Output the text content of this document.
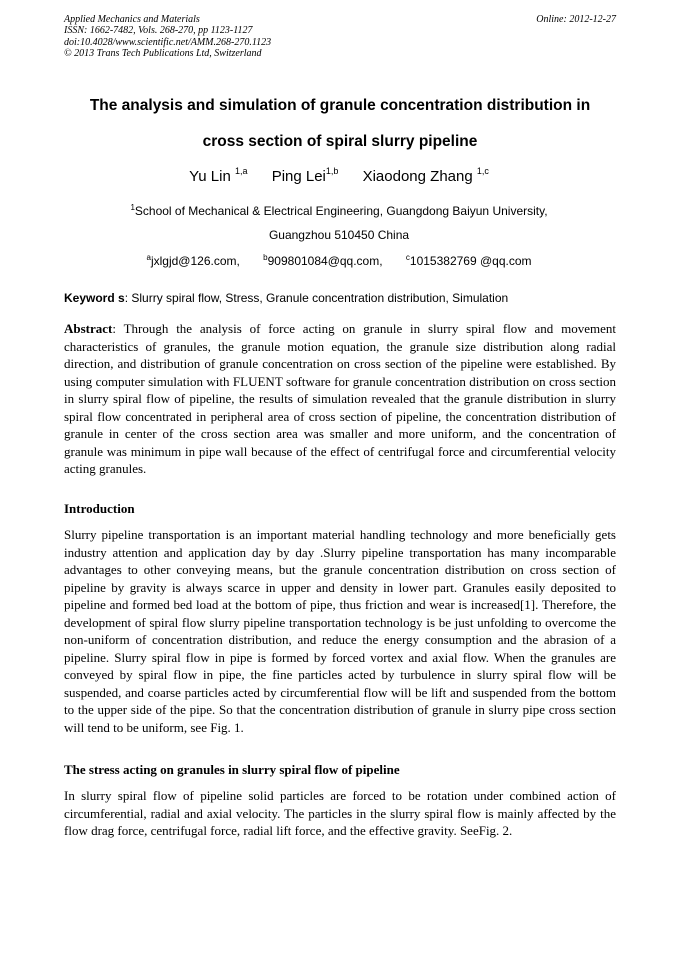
Applied Mechanics and Materials
ISSN: 1662-7482, Vols. 268-270, pp 1123-1127
doi:10.4028/www.scientific.net/AMM.268-270.1123
© 2013 Trans Tech Publications Ltd, Switzerland
Online: 2012-12-27
The analysis and simulation of granule concentration distribution in
cross section of spiral slurry pipeline
Yu Lin $^{1,a}$ Ping Lei$^{1,b}$ Xiaodong Zhang $^{1,c}$
$^1$School of Mechanical & Electrical Engineering, Guangdong Baiyun University,
Guangzhou 510450 China
$^a$jxlgjd@126.com,	$^b$909801084@qq.com,	$^c$1015382769 @qq.com
Keyword s: Slurry spiral flow, Stress, Granule concentration distribution, Simulation
Abstract: Through the analysis of force acting on granule in slurry spiral flow and movement characteristics of granules, the granule motion equation, the granule size distribution along radial direction, and distribution of granule concentration on cross section of the pipeline were established. By using computer simulation with FLUENT software for granule concentration distribution on cross section in slurry spiral flow of pipeline, the results of simulation revealed that the granule distribution in slurry spiral flow concentrated in peripheral area of cross section of pipeline, the concentration distribution of granule in center of the cross section area was smaller and more uniform, and the concentration of granule was minimum in pipe wall because of the effect of centrifugal force and circumferential velocity acting granules.
Introduction
Slurry pipeline transportation is an important material handling technology and more beneficially gets industry attention and application day by day .Slurry pipeline transportation has many incomparable advantages to other conveying means, but the granule concentration distribution on cross section of pipeline by gravity is always scarce in upper and density in lower part. Granules easily deposited to pipeline and formed bed load at the bottom of pipe, thus friction and wear is increased[1]. Therefore, the development of spiral flow slurry pipeline transportation technology is be just unfolding to overcome the non-uniform of concentration distribution, and reduce the energy consumption and the abrasion of a pipeline. Slurry spiral flow in pipe is formed by forced vortex and axial flow. When the granules are conveyed by spiral flow in pipe, the fine particles acted by turbulence in slurry spiral flow will be suspended, and coarse particles acted by circumferential flow will be lift and suspended from the bottom to the upper side of the pipe. So that the concentration distribution of granule in slurry pipe cross section will tend to be uniform, see Fig. 1.
The stress acting on granules in slurry spiral flow of pipeline
In slurry spiral flow of pipeline solid particles are forced to be rotation under combined action of circumferential, radial and axial velocity. The particles in the slurry spiral flow is mainly affected by the flow drag force, centrifugal force, radial lift force, and the effective gravity. SeeFig. 2.
